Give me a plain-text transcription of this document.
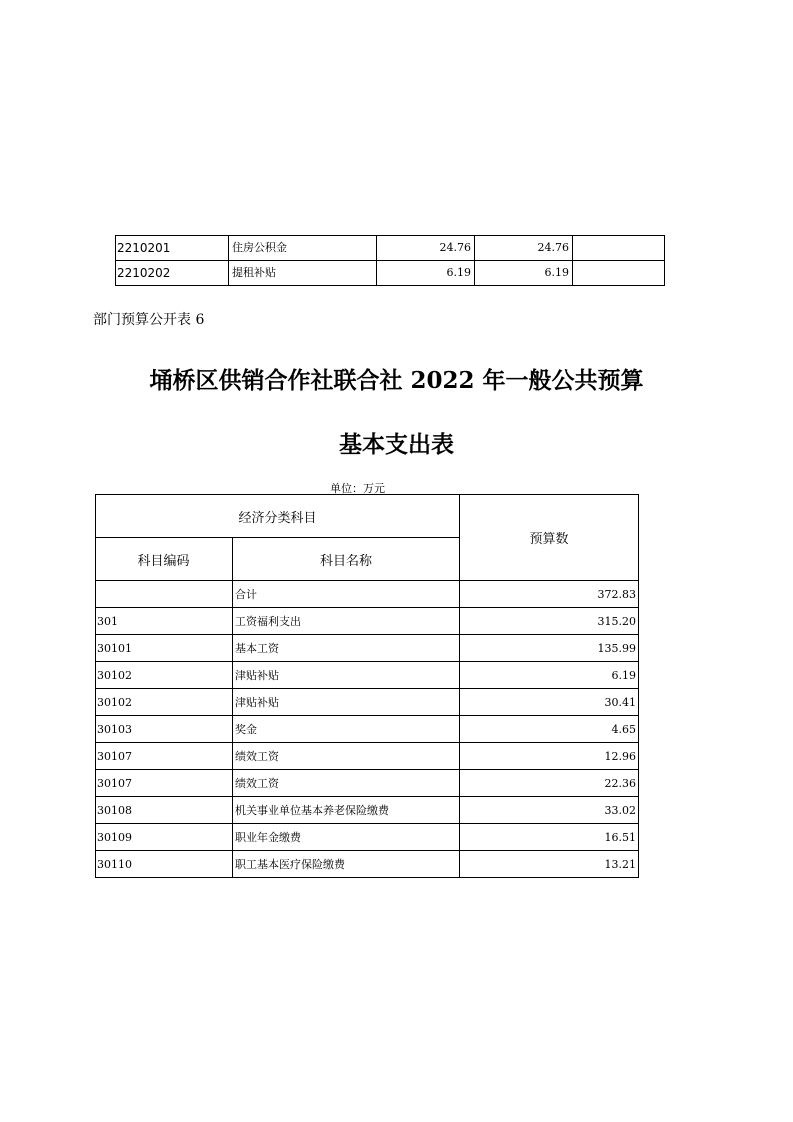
2210201	住房公积金	24.76	24.76	
2210202	提租补贴	6.19	6.19	
部门预算公开表 6
埇桥区供销合作社联合社 2022 年一般公共预算
基本支出表
单位：万元
经济分类科目		预算数
科目编码	科目名称	
	合计	372.83
301	工资福利支出	315.20
30101	基本工资	135.99
30102	津贴补贴	6.19
30102	津贴补贴	30.41
30103	奖金	4.65
30107	绩效工资	12.96
30107	绩效工资	22.36
30108	机关事业单位基本养老保险缴费	33.02
30109	职业年金缴费	16.51
30110	职工基本医疗保险缴费	13.21
